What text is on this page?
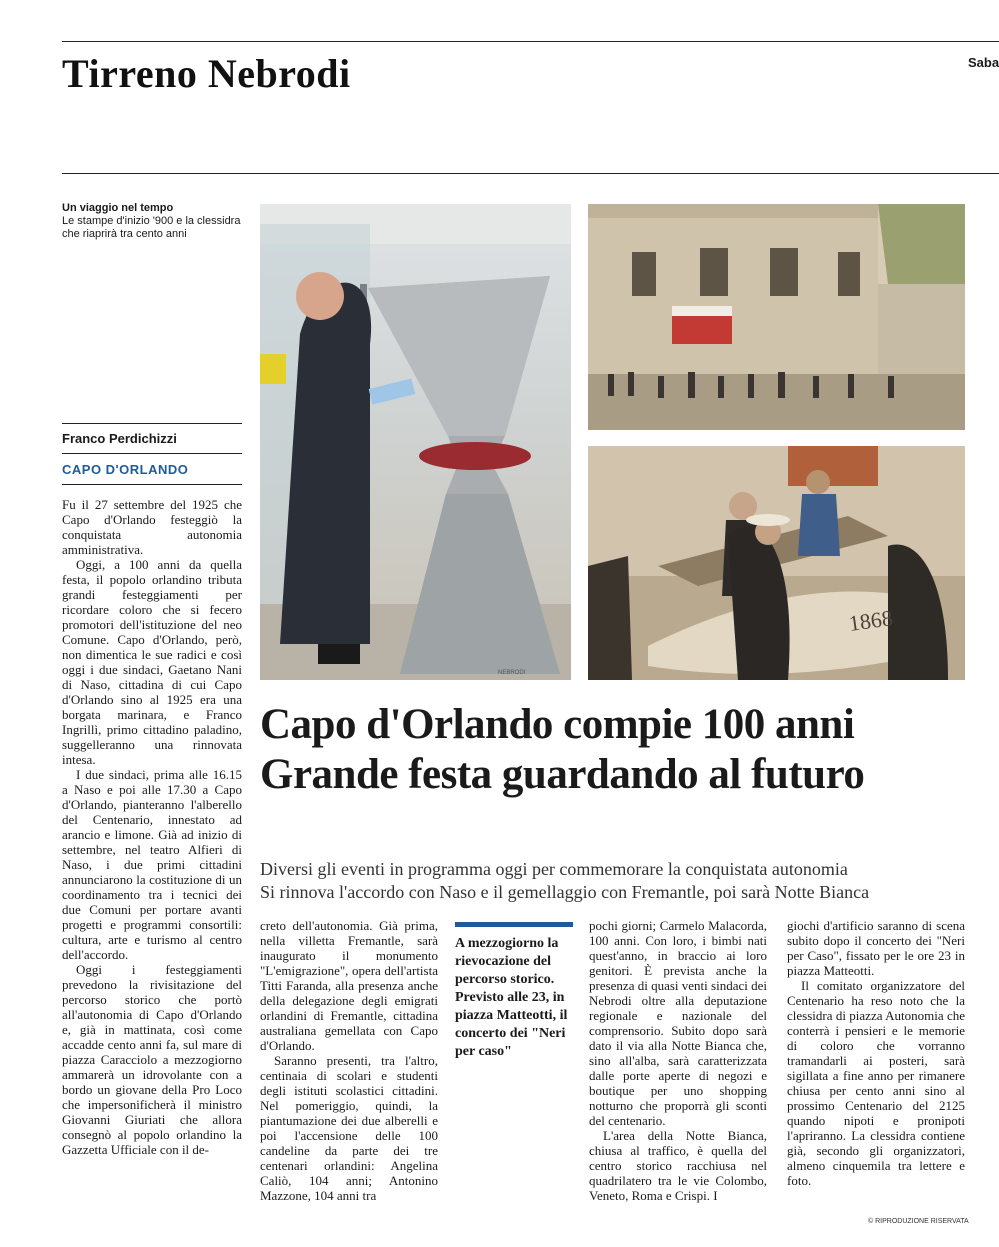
Tirreno Nebrodi	Saba
Un viaggio nel tempo
Le stampe d'inizio '900 e la clessidra che riaprirà tra cento anni
Franco Perdichizzi
CAPO D'ORLANDO
NEBRODI
1868
Capo d'Orlando compie 100 anni
Grande festa guardando al futuro
Diversi gli eventi in programma oggi per commemorare la conquistata autonomia
Si rinnova l'accordo con Naso e il gemellaggio con Fremantle, poi sarà Notte Bianca

Fu il 27 settembre del 1925 che Capo d'Orlando festeggiò la conquistata autonomia amministrativa.

Oggi, a 100 anni da quella festa, il popolo orlandino tributa grandi festeggiamenti per ricordare coloro che si fecero promotori dell'istituzione del neo Comune. Capo d'Orlando, però, non dimentica le sue radici e così oggi i due sindaci, Gaetano Nani di Naso, cittadina di cui Capo d'Orlando sino al 1925 era una borgata marinara, e Franco Ingrillì, primo cittadino paladino, suggelleranno una rinnovata intesa.

I due sindaci, prima alle 16.15 a Naso e poi alle 17.30 a Capo d'Orlando, pianteranno l'alberello del Centenario, innestato ad arancio e limone. Già ad inizio di settembre, nel teatro Alfieri di Naso, i due primi cittadini annunciarono la costituzione di un coordinamento tra i tecnici dei due Comuni per portare avanti progetti e programmi consortili: cultura, arte e turismo al centro dell'accordo.

Oggi i festeggiamenti prevedono la rivisitazione del percorso storico che portò all'autonomia di Capo d'Orlando e, già in mattinata, così come accadde cento anni fa, sul mare di piazza Caracciolo a mezzogiorno ammarerà un idrovolante con a bordo un giovane della Pro Loco che impersonificherà il ministro Giovanni Giuriati che allora consegnò al popolo orlandino la Gazzetta Ufficiale con il de-

creto dell'autonomia. Già prima, nella villetta Fremantle, sarà inaugurato il monumento "L'emigrazione", opera dell'artista Titti Faranda, alla presenza anche della delegazione degli emigrati orlandini di Fremantle, cittadina australiana gemellata con Capo d'Orlando.

Saranno presenti, tra l'altro, centinaia di scolari e studenti degli istituti scolastici cittadini. Nel pomeriggio, quindi, la piantumazione dei due alberelli e poi l'accensione delle 100 candeline da parte dei tre centenari orlandini: Angelina Caliò, 104 anni; Antonino Mazzone, 104 anni tra

A mezzogiorno la rievocazione del percorso storico. Previsto alle 23, in piazza Matteotti, il concerto dei "Neri per caso"

pochi giorni; Carmelo Malacorda, 100 anni. Con loro, i bimbi nati quest'anno, in braccio ai loro genitori. È prevista anche la presenza di quasi venti sindaci dei Nebrodi oltre alla deputazione regionale e nazionale del comprensorio. Subito dopo sarà dato il via alla Notte Bianca che, sino all'alba, sarà caratterizzata dalle porte aperte di negozi e boutique per uno shopping notturno che proporrà gli sconti del centenario.

L'area della Notte Bianca, chiusa al traffico, è quella del centro storico racchiusa nel quadrilatero tra le vie Colombo, Veneto, Roma e Crispi. I

giochi d'artificio saranno di scena subito dopo il concerto dei "Neri per Caso", fissato per le ore 23 in piazza Matteotti.

Il comitato organizzatore del Centenario ha reso noto che la clessidra di piazza Autonomia che conterrà i pensieri e le memorie di coloro che vorranno tramandarli ai posteri, sarà sigillata a fine anno per rimanere chiusa per cento anni sino al prossimo Centenario del 2125 quando nipoti e pronipoti l'apriranno. La clessidra contiene già, secondo gli organizzatori, almeno cinquemila tra lettere e foto.

© RIPRODUZIONE RISERVATA
